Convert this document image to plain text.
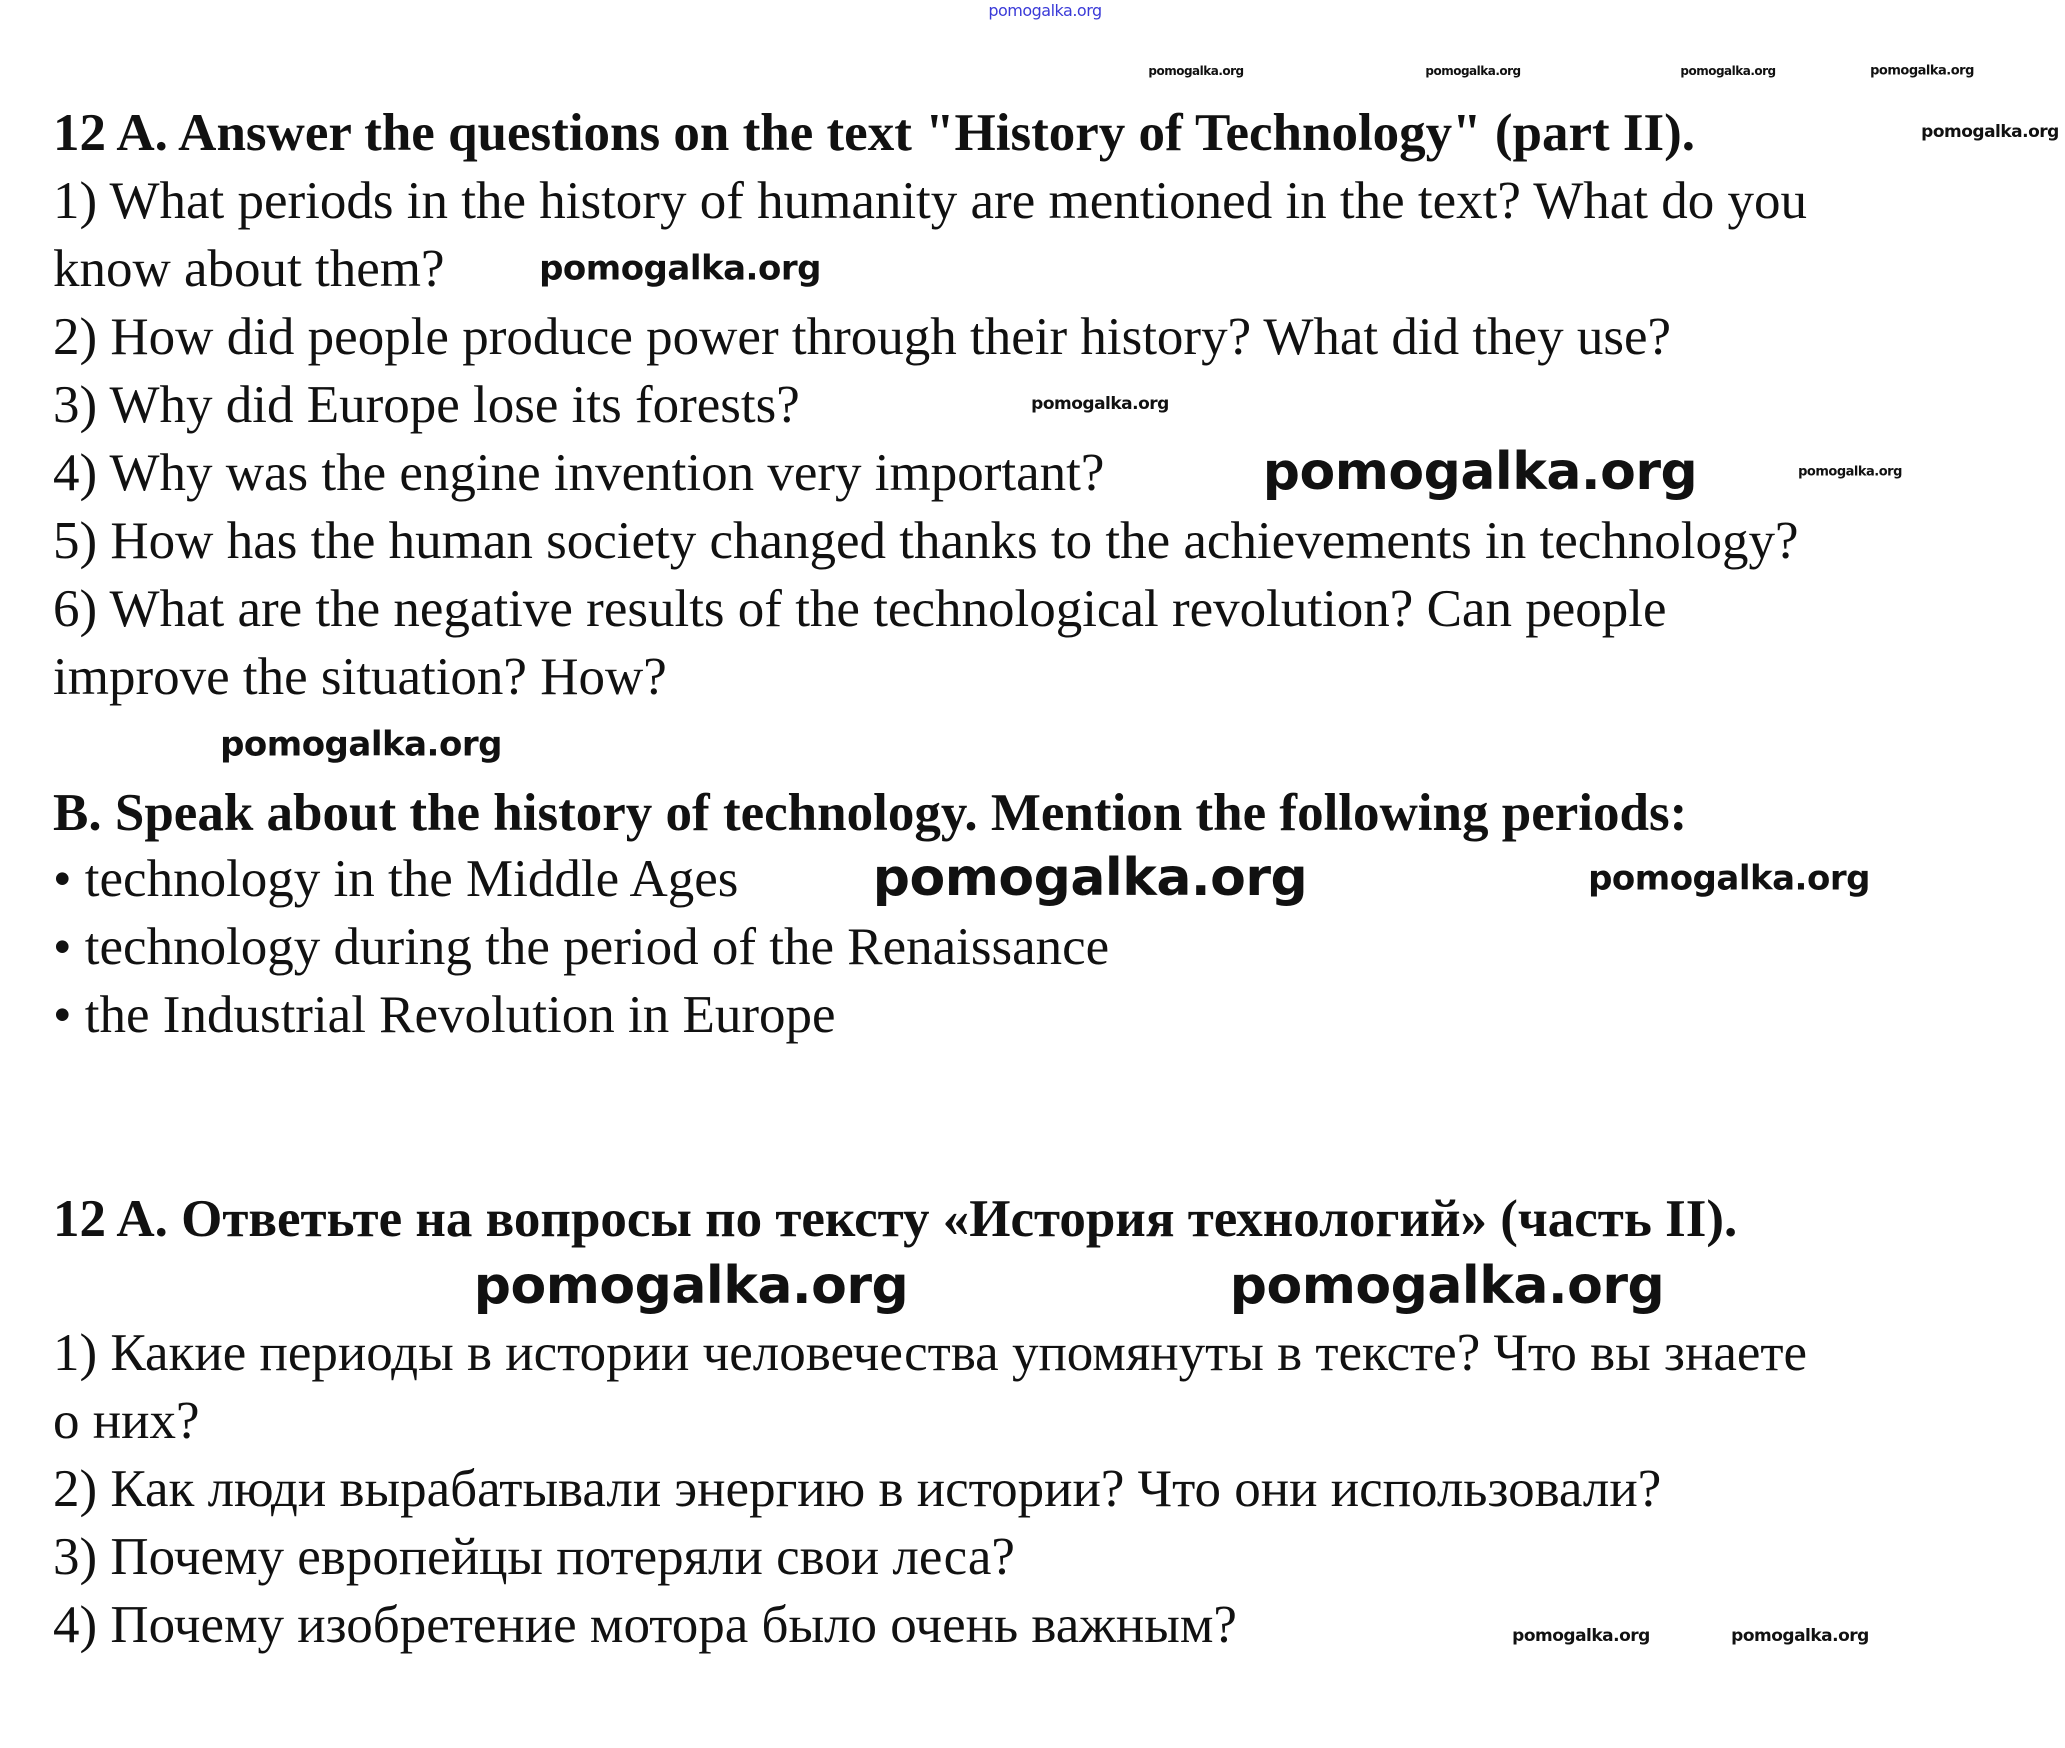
pomogalka.org
12 A. Answer the questions on the text "History of Technology" (part II).
1) What periods in the history of humanity are mentioned in the text? What do you
know about them?
2) How did people produce power through their history? What did they use?
3) Why did Europe lose its forests?
4) Why was the engine invention very important?
5) How has the human society changed thanks to the achievements in technology?
6) What are the negative results of the technological revolution? Can people
improve the situation? How?
B. Speak about the history of technology. Mention the following periods:
• technology in the Middle Ages
• technology during the period of the Renaissance
• the Industrial Revolution in Europe
12 A. Ответьте на вопросы по тексту «История технологий» (часть II).
1) Какие периоды в истории человечества упомянуты в тексте? Что вы знаете
о них?
2) Как люди вырабатывали энергию в истории? Что они использовали?
3) Почему европейцы потеряли свои леса?
4) Почему изобретение мотора было очень важным?
pomogalka.org
pomogalka.org	pomogalka.org	pomogalka.org	pomogalka.org
pomogalka.org
pomogalka.org
pomogalka.org	pomogalka.org
pomogalka.org
pomogalka.org	pomogalka.org
pomogalka.org	pomogalka.org
pomogalka.org	pomogalka.org
